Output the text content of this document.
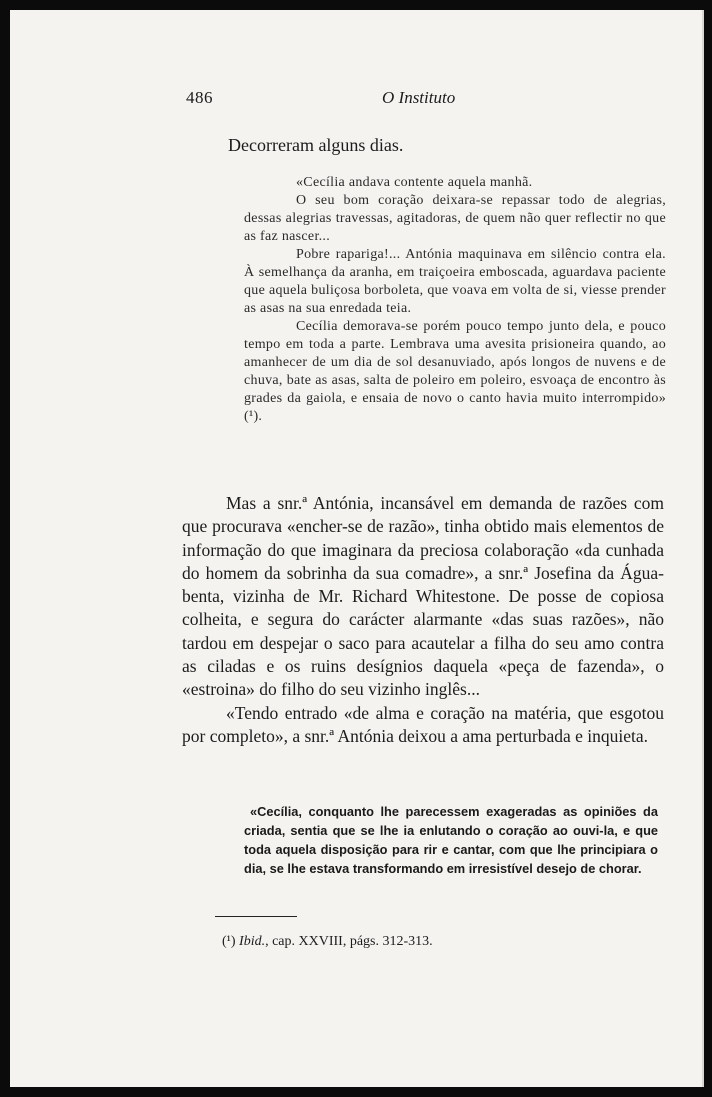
486	O Instituto

Decorreram alguns dias.

«Cecília andava contente aquela manhã.

O seu bom coração deixara-se repassar todo de alegrias, dessas alegrias travessas, agitadoras, de quem não quer reflectir no que as faz nascer...

Pobre rapariga!... Antónia maquinava em silêncio contra ela. À semelhança da aranha, em traiçoeira emboscada, aguardava paciente que aquela buliçosa borboleta, que voava em volta de si, viesse prender as asas na sua enredada teia.

Cecília demorava-se porém pouco tempo junto dela, e pouco tempo em toda a parte. Lembrava uma avesita prisioneira quando, ao amanhecer de um dia de sol desanuviado, após longos de nuvens e de chuva, bate as asas, salta de poleiro em poleiro, esvoaça de encontro às grades da gaiola, e ensaia de novo o canto havia muito interrompido» (¹).

Mas a snr.ª Antónia, incansável em demanda de razões com que procurava «encher-se de razão», tinha obtido mais elementos de informação do que imaginara da preciosa colaboração «da cunhada do homem da sobrinha da sua comadre», a snr.ª Josefina da Água-benta, vizinha de Mr. Richard Whitestone. De posse de copiosa colheita, e segura do carácter alarmante «das suas razões», não tardou em despejar o saco para acautelar a filha do seu amo contra as ciladas e os ruins desígnios daquela «peça de fazenda», o «estroina» do filho do seu vizinho inglês...

«Tendo entrado «de alma e coração na matéria, que esgotou por completo», a snr.ª Antónia deixou a ama perturbada e inquieta.

«Cecília, conquanto lhe parecessem exageradas as opiniões da criada, sentia que se lhe ia enlutando o coração ao ouvi-la, e que toda aquela disposição para rir e cantar, com que lhe principiara o dia, se lhe estava transformando em irresistível desejo de chorar.

(¹) Ibid., cap. XXVIII, págs. 312-313.
